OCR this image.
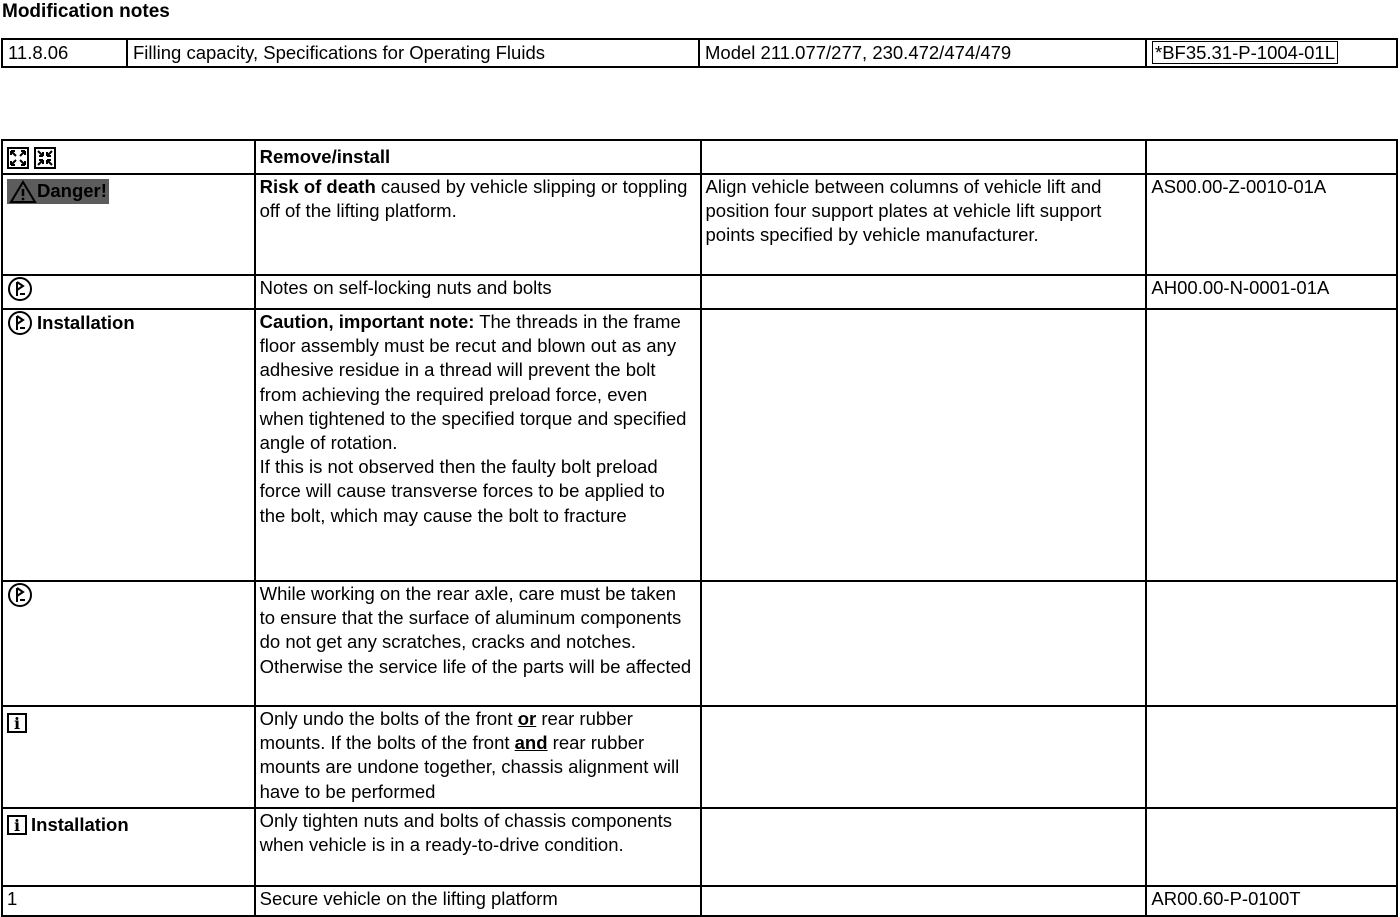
Modification notes
11.8.06	Filling capacity, Specifications for Operating Fluids	Model 211.077/277, 230.472/474/479	*BF35.31-P-1004-01L
	Remove/install		
Danger!	Risk of death caused by vehicle slipping or toppling off of the lifting platform.	Align vehicle between columns of vehicle lift and position four support plates at vehicle lift support points specified by vehicle manufacturer.	AS00.00-Z-0010-01A
	Notes on self-locking nuts and bolts		AH00.00-N-0001-01A
Installation	Caution, important note: The threads in the frame floor assembly must be recut and blown out as any adhesive residue in a thread will prevent the bolt from achieving the required preload force, even when tightened to the specified torque and specified angle of rotation.
If this is not observed then the faulty bolt preload force will cause transverse forces to be applied to the bolt, which may cause the bolt to fracture		
	While working on the rear axle, care must be taken to ensure that the surface of aluminum components do not get any scratches, cracks and notches. Otherwise the service life of the parts will be affected		
i	Only undo the bolts of the front or rear rubber mounts. If the bolts of the front and rear rubber mounts are undone together, chassis alignment will have to be performed		
i Installation	Only tighten nuts and bolts of chassis components when vehicle is in a ready-to-drive condition.		
1	Secure vehicle on the lifting platform		AR00.60-P-0100T
